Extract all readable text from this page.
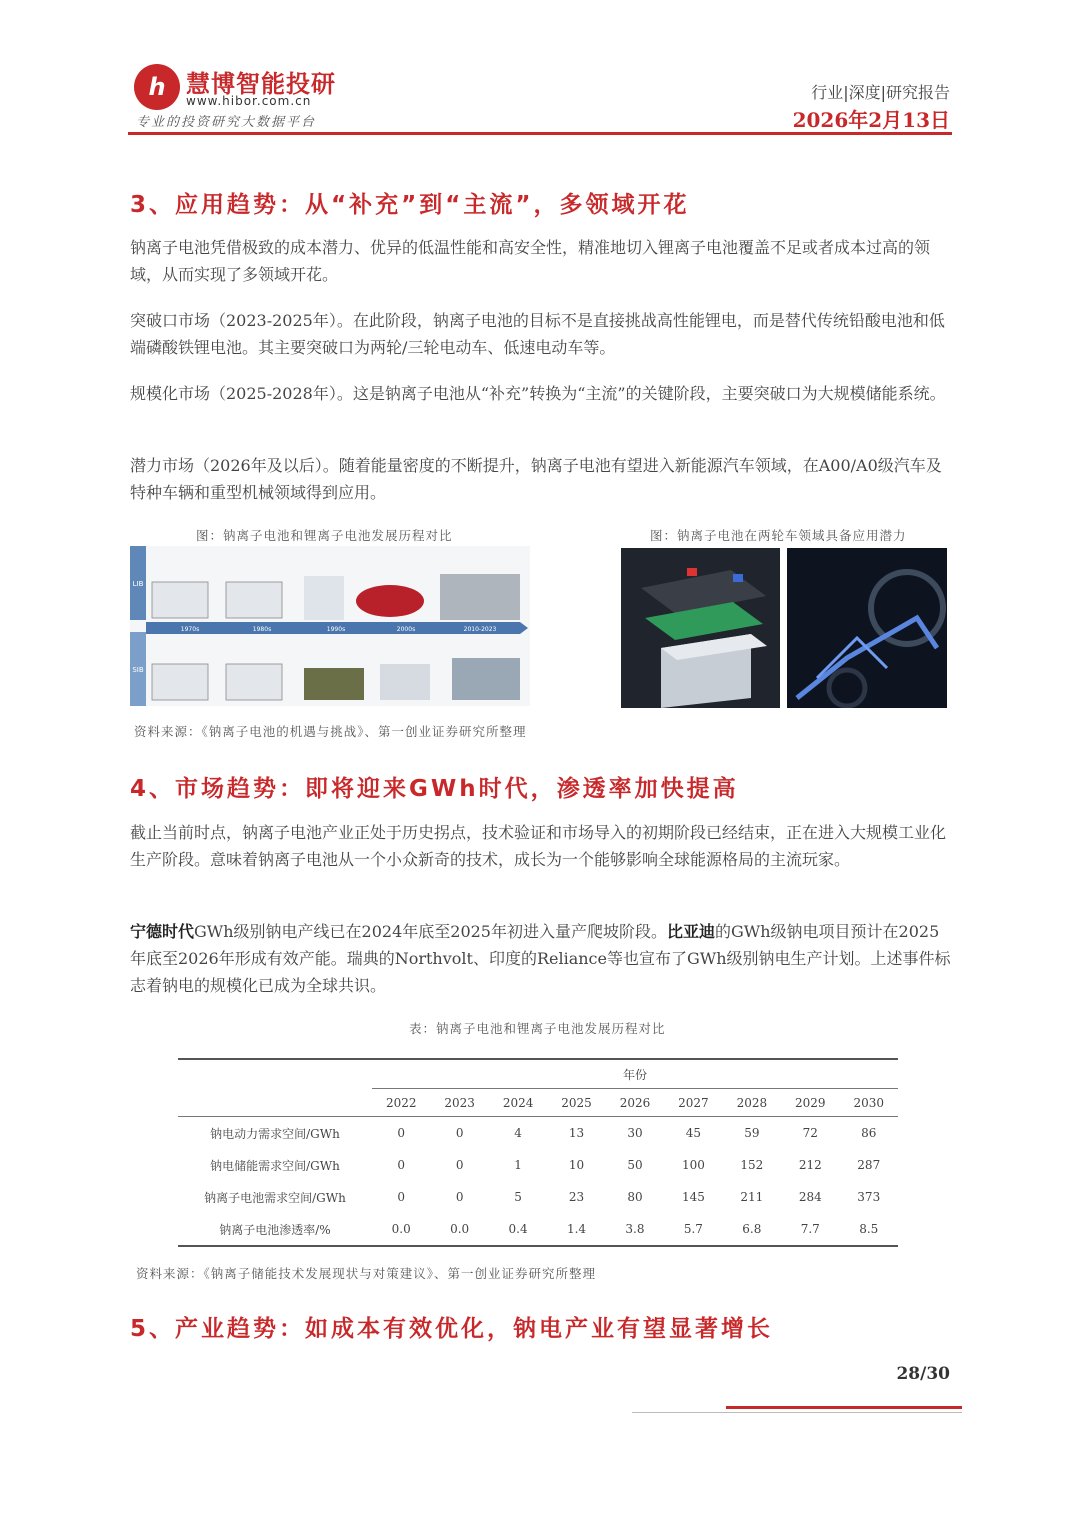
h 慧博智能投研
www.hibor.com.cn
专业的投资研究大数据平台
行业|深度|研究报告
2026年2月13日
3、应用趋势：从“补充”到“主流”，多领域开花
钠离子电池凭借极致的成本潜力、优异的低温性能和高安全性，精准地切入锂离子电池覆盖不足或者成本过高的领域，从而实现了多领域开花。
突破口市场（2023-2025年）。在此阶段，钠离子电池的目标不是直接挑战高性能锂电，而是替代传统铅酸电池和低端磷酸铁锂电池。其主要突破口为两轮/三轮电动车、低速电动车等。
规模化市场（2025-2028年）。这是钠离子电池从“补充”转换为“主流”的关键阶段，主要突破口为大规模储能系统。
潜力市场（2026年及以后）。随着能量密度的不断提升，钠离子电池有望进入新能源汽车领域，在A00/A0级汽车及特种车辆和重型机械领域得到应用。
图：钠离子电池和锂离子电池发展历程对比	图：钠离子电池在两轮车领域具备应用潜力
LIB
SIB
1970s	1980s	1990s	2000s	2010-2023
资料来源：《钠离子电池的机遇与挑战》、第一创业证券研究所整理
4、市场趋势：即将迎来GWh时代，渗透率加快提高
截止当前时点，钠离子电池产业正处于历史拐点，技术验证和市场导入的初期阶段已经结束，正在进入大规模工业化生产阶段。意味着钠离子电池从一个小众新奇的技术，成长为一个能够影响全球能源格局的主流玩家。
宁德时代GWh级别钠电产线已在2024年底至2025年初进入量产爬坡阶段。比亚迪的GWh级钠电项目预计在2025年底至2026年形成有效产能。瑞典的Northvolt、印度的Reliance等也宣布了GWh级别钠电生产计划。上述事件标志着钠电的规模化已成为全球共识。
表：钠离子电池和锂离子电池发展历程对比
	年份								
	2022	2023	2024	2025	2026	2027	2028	2029	2030
钠电动力需求空间/GWh	0	0	4	13	30	45	59	72	86
钠电储能需求空间/GWh	0	0	1	10	50	100	152	212	287
钠离子电池需求空间/GWh	0	0	5	23	80	145	211	284	373
钠离子电池渗透率/%	0.0	0.0	0.4	1.4	3.8	5.7	6.8	7.7	8.5
资料来源：《钠离子储能技术发展现状与对策建议》、第一创业证券研究所整理
5、产业趋势：如成本有效优化，钠电产业有望显著增长
28/30
